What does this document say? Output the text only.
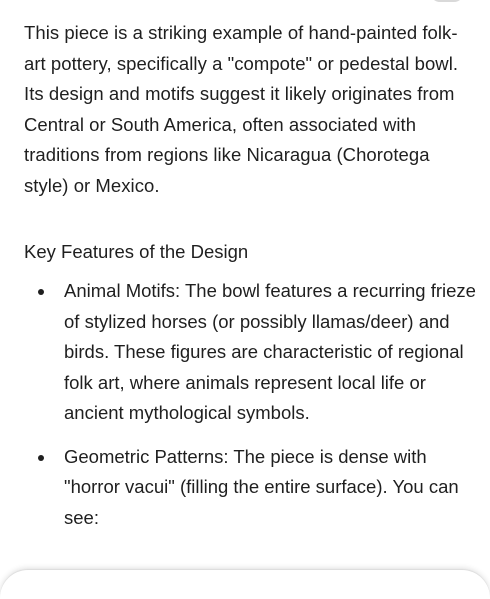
This piece is a striking example of hand-painted folk-art pottery, specifically a "compote" or pedestal bowl. Its design and motifs suggest it likely originates from Central or South America, often associated with traditions from regions like Nicaragua (Chorotega style) or Mexico.

Key Features of the Design
Animal Motifs: The bowl features a recurring frieze of stylized horses (or possibly llamas/deer) and birds. These figures are characteristic of regional folk art, where animals represent local life or ancient mythological symbols.
Geometric Patterns: The piece is dense with "horror vacui" (filling the entire surface). You can see:
